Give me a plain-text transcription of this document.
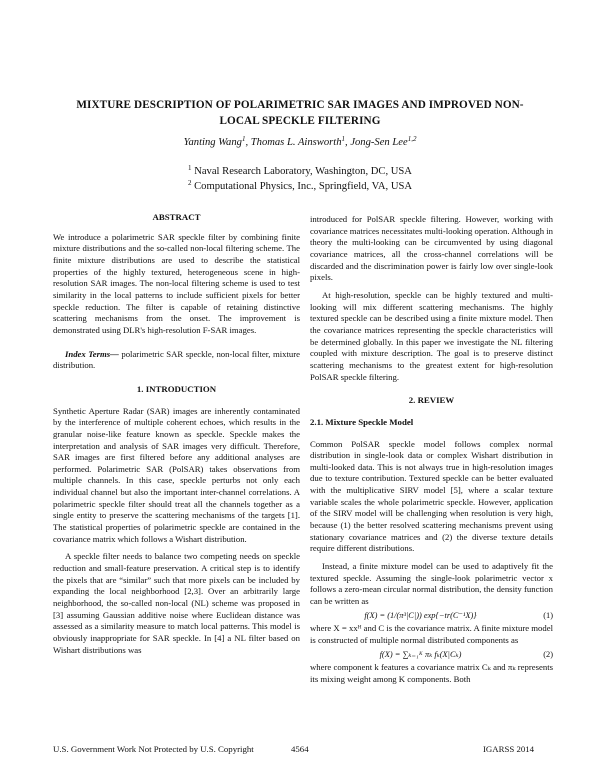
MIXTURE DESCRIPTION OF POLARIMETRIC SAR IMAGES AND IMPROVED NON-LOCAL SPECKLE FILTERING
Yanting Wang$^1$, Thomas L. Ainsworth$^1$, Jong-Sen Lee$^{1,2}$
$^1$ Naval Research Laboratory, Washington, DC, USA
$^2$ Computational Physics, Inc., Springfield, VA, USA
ABSTRACT

We introduce a polarimetric SAR speckle filter by combining finite mixture distributions and the so-called non-local filtering scheme. The finite mixture distributions are used to describe the statistical properties of the highly textured, heterogeneous scene in high-resolution SAR images. The non-local filtering scheme is used to test similarity in the local patterns to include sufficient pixels for better speckle reduction. The filter is capable of retaining distinctive scattering mechanisms from the onset. The improvement is demonstrated using DLR's high-resolution F-SAR images.

Index Terms— polarimetric SAR speckle, non-local filter, mixture distribution.

1. INTRODUCTION

Synthetic Aperture Radar (SAR) images are inherently contaminated by the interference of multiple coherent echoes, which results in the granular noise-like feature known as speckle. Speckle makes the interpretation and analysis of SAR images very difficult. Therefore, SAR images are first filtered before any additional analyses are performed. Polarimetric SAR (PolSAR) takes observations from multiple channels. In this case, speckle perturbs not only each individual channel but also the important inter-channel correlations. A polarimetric speckle filter should treat all the channels together as a single entity to preserve the scattering mechanisms of the targets [1]. The statistical properties of polarimetric speckle are contained in the covariance matrix which follows a Wishart distribution.

A speckle filter needs to balance two competing needs on speckle reduction and small-feature preservation. A critical step is to identify the pixels that are “similar” such that more pixels can be included by expanding the local neighborhood [2,3]. Over an arbitrarily large neighborhood, the so-called non-local (NL) scheme was proposed in [3] assuming Gaussian additive noise where Euclidean distance was assessed as a similarity measure to match local patterns. This model is obviously inappropriate for SAR speckle. In [4] a NL filter based on Wishart distributions was

introduced for PolSAR speckle filtering. However, working with covariance matrices necessitates multi-looking operation. Although in theory the multi-looking can be circumvented by using diagonal covariance matrices, all the cross-channel correlations will be discarded and the discrimination power is fairly low over single-look pixels.

At high-resolution, speckle can be highly textured and multi-looking will mix different scattering mechanisms. The highly textured speckle can be described using a finite mixture model. Then the covariance matrices representing the speckle characteristics will be determined globally. In this paper we investigate the NL filtering coupled with mixture description. The goal is to preserve distinct scattering mechanisms to the greatest extent for high-resolution PolSAR speckle filtering.

2. REVIEW
2.1. Mixture Speckle Model

Common PolSAR speckle model follows complex normal distribution in single-look data or complex Wishart distribution in multi-looked data. This is not always true in high-resolution images due to texture contribution. Textured speckle can be better evaluated with the multiplicative SIRV model [5], where a scalar texture variable scales the whole polarimetric speckle. However, application of the SIRV model will be challenging when resolution is very high, because (1) the better resolved scattering mechanisms prevent using stationary covariance matrices and (2) the diverse texture details require different distributions.

Instead, a finite mixture model can be used to adaptively fit the textured speckle. Assuming the single-look polarimetric vector x follows a zero-mean circular normal distribution, the density function can be written as

f(X) = (1/(π³|C|)) exp{−tr(C⁻¹X)}	(1)

where X = xxᴴ and C is the covariance matrix. A finite mixture model is constructed of multiple normal distributed components as

f(X) = ∑ₖ₌₁ᴷ πₖ fₖ(X|Cₖ)	(2)

where component k features a covariance matrix Cₖ and πₖ represents its mixing weight among K components. Both

U.S. Government Work Not Protected by U.S. Copyright	4564	IGARSS 2014
